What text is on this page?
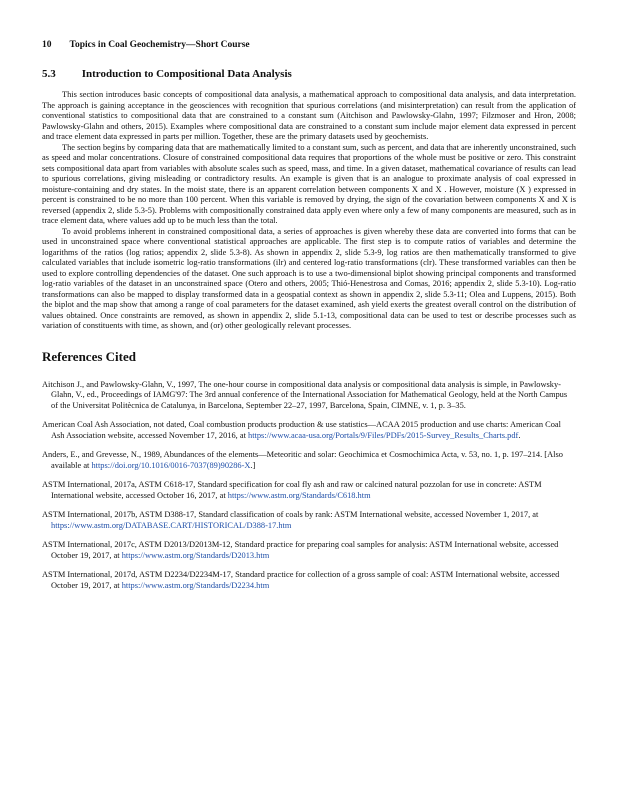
10 Topics in Coal Geochemistry—Short Course
5.3 Introduction to Compositional Data Analysis

This section introduces basic concepts of compositional data analysis, a mathematical approach to compositional data analysis, and data interpretation. The approach is gaining acceptance in the geosciences with recognition that spurious correlations (and misinterpretation) can result from the application of conventional statistics to compositional data that are constrained to a constant sum (Aitchison and Pawlowsky-Glahn, 1997; Filzmoser and Hron, 2008; Pawlowsky-Glahn and others, 2015). Examples where compositional data are constrained to a constant sum include major element data expressed in percent and trace element data expressed in parts per million. Together, these are the primary datasets used by geochemists.

The section begins by comparing data that are mathematically limited to a constant sum, such as percent, and data that are inherently unconstrained, such as speed and molar concentrations. Closure of constrained compositional data requires that proportions of the whole must be positive or zero. This constraint sets compositional data apart from variables with absolute scales such as speed, mass, and time. In a given dataset, mathematical covariance of results can lead to spurious correlations, giving misleading or contradictory results. An example is given that is an analogue to proximate analysis of coal expressed in moisture-containing and dry states. In the moist state, there is an apparent correlation between components X and X . However, moisture (X ) expressed in percent is constrained to be no more than 100 percent. When this variable is removed by drying, the sign of the covariation between components X and X is reversed (appendix 2, slide 5.3-5). Problems with compositionally constrained data apply even where only a few of many components are measured, such as in trace element data, where values add up to be much less than the total.

To avoid problems inherent in constrained compositional data, a series of approaches is given whereby these data are converted into forms that can be used in unconstrained space where conventional statistical approaches are applicable. The first step is to compute ratios of variables and determine the logarithms of the ratios (log ratios; appendix 2, slide 5.3-8). As shown in appendix 2, slide 5.3-9, log ratios are then mathematically transformed to give calculated variables that include isometric log-ratio transformations (ilr) and centered log-ratio transformations (clr). These transformed variables can then be used to explore controlling dependencies of the dataset. One such approach is to use a two-dimensional biplot showing principal components and transformed log-ratio variables of the dataset in an unconstrained space (Otero and others, 2005; Thió-Henestrosa and Comas, 2016; appendix 2, slide 5.3-10). Log-ratio transformations can also be mapped to display transformed data in a geospatial context as shown in appendix 2, slide 5.3-11; Olea and Luppens, 2015). Both the biplot and the map show that among a range of coal parameters for the dataset examined, ash yield exerts the greatest overall control on the distribution of values obtained. Once constraints are removed, as shown in appendix 2, slide 5.1-13, compositional data can be used to test or describe processes such as variation of constituents with time, as shown, and (or) other geologically relevant processes.

References Cited

Aitchison J., and Pawlowsky-Glahn, V., 1997, The one-hour course in compositional data analysis or compositional data analysis is simple, in Pawlowsky-Glahn, V., ed., Proceedings of IAMG'97: The 3rd annual conference of the International Association for Mathematical Geology, held at the North Campus of the Universitat Politècnica de Catalunya, in Barcelona, September 22–27, 1997, Barcelona, Spain, CIMNE, v. 1, p. 3–35.

American Coal Ash Association, not dated, Coal combustion products production & use statistics—ACAA 2015 production and use charts: American Coal Ash Association website, accessed November 17, 2016, at https://www.acaa-usa.org/Portals/9/Files/PDFs/2015-Survey_Results_Charts.pdf.

Anders, E., and Grevesse, N., 1989, Abundances of the elements—Meteoritic and solar: Geochimica et Cosmochimica Acta, v. 53, no. 1, p. 197–214. [Also available at https://doi.org/10.1016/0016-7037(89)90286-X.]

ASTM International, 2017a, ASTM C618-17, Standard specification for coal fly ash and raw or calcined natural pozzolan for use in concrete: ASTM International website, accessed October 16, 2017, at https://www.astm.org/Standards/C618.htm

ASTM International, 2017b, ASTM D388-17, Standard classification of coals by rank: ASTM International website, accessed November 1, 2017, at https://www.astm.org/DATABASE.CART/HISTORICAL/D388-17.htm

ASTM International, 2017c, ASTM D2013/D2013M-12, Standard practice for preparing coal samples for analysis: ASTM International website, accessed October 19, 2017, at https://www.astm.org/Standards/D2013.htm

ASTM International, 2017d, ASTM D2234/D2234M-17, Standard practice for collection of a gross sample of coal: ASTM International website, accessed October 19, 2017, at https://www.astm.org/Standards/D2234.htm
